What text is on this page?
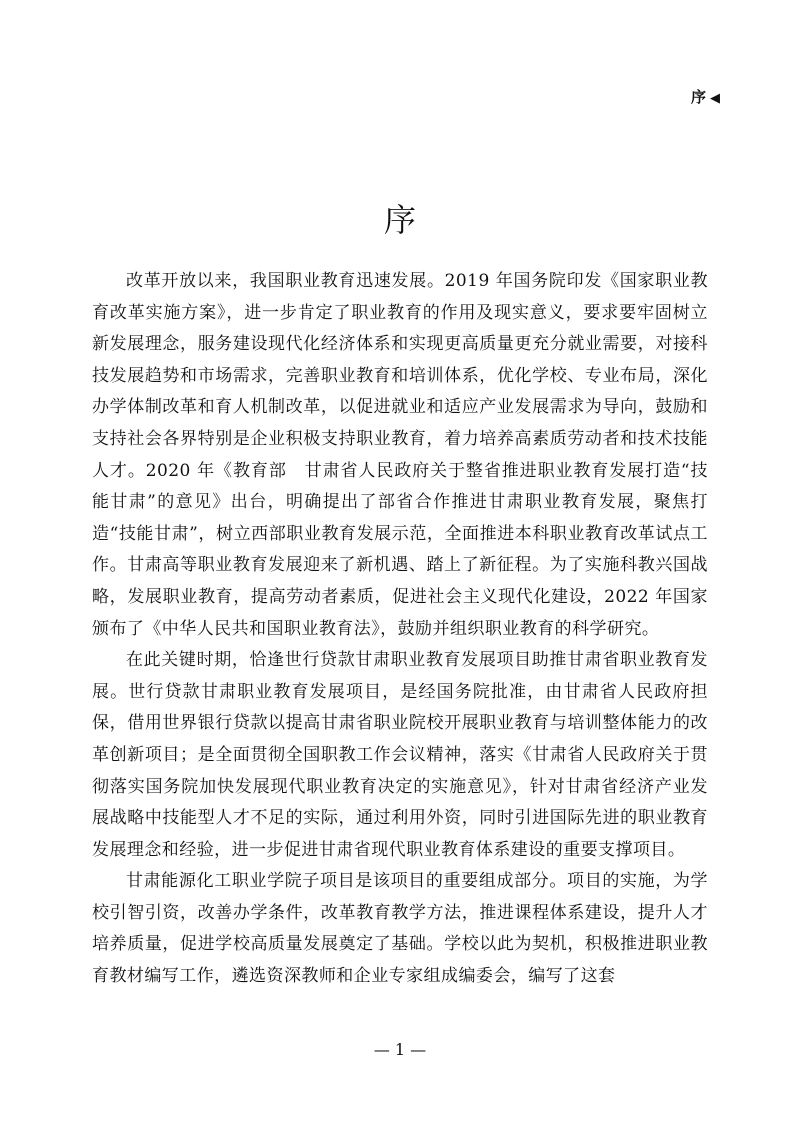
序 ◀
序

改革开放以来，我国职业教育迅速发展。2019 年国务院印发《国家职业教育改革实施方案》，进一步肯定了职业教育的作用及现实意义，要求要牢固树立新发展理念，服务建设现代化经济体系和实现更高质量更充分就业需要，对接科技发展趋势和市场需求，完善职业教育和培训体系，优化学校、专业布局，深化办学体制改革和育人机制改革，以促进就业和适应产业发展需求为导向，鼓励和支持社会各界特别是企业积极支持职业教育，着力培养高素质劳动者和技术技能人才。2020 年《教育部　甘肃省人民政府关于整省推进职业教育发展打造“技能甘肃”的意见》出台，明确提出了部省合作推进甘肃职业教育发展，聚焦打造“技能甘肃”，树立西部职业教育发展示范，全面推进本科职业教育改革试点工作。甘肃高等职业教育发展迎来了新机遇、踏上了新征程。为了实施科教兴国战略，发展职业教育，提高劳动者素质，促进社会主义现代化建设，2022 年国家颁布了《中华人民共和国职业教育法》，鼓励并组织职业教育的科学研究。

在此关键时期，恰逢世行贷款甘肃职业教育发展项目助推甘肃省职业教育发展。世行贷款甘肃职业教育发展项目，是经国务院批准，由甘肃省人民政府担保，借用世界银行贷款以提高甘肃省职业院校开展职业教育与培训整体能力的改革创新项目；是全面贯彻全国职教工作会议精神，落实《甘肃省人民政府关于贯彻落实国务院加快发展现代职业教育决定的实施意见》，针对甘肃省经济产业发展战略中技能型人才不足的实际，通过利用外资，同时引进国际先进的职业教育发展理念和经验，进一步促进甘肃省现代职业教育体系建设的重要支撑项目。

甘肃能源化工职业学院子项目是该项目的重要组成部分。项目的实施，为学校引智引资，改善办学条件，改革教育教学方法，推进课程体系建设，提升人才培养质量，促进学校高质量发展奠定了基础。学校以此为契机，积极推进职业教育教材编写工作，遴选资深教师和企业专家组成编委会，编写了这套

— 1 —
